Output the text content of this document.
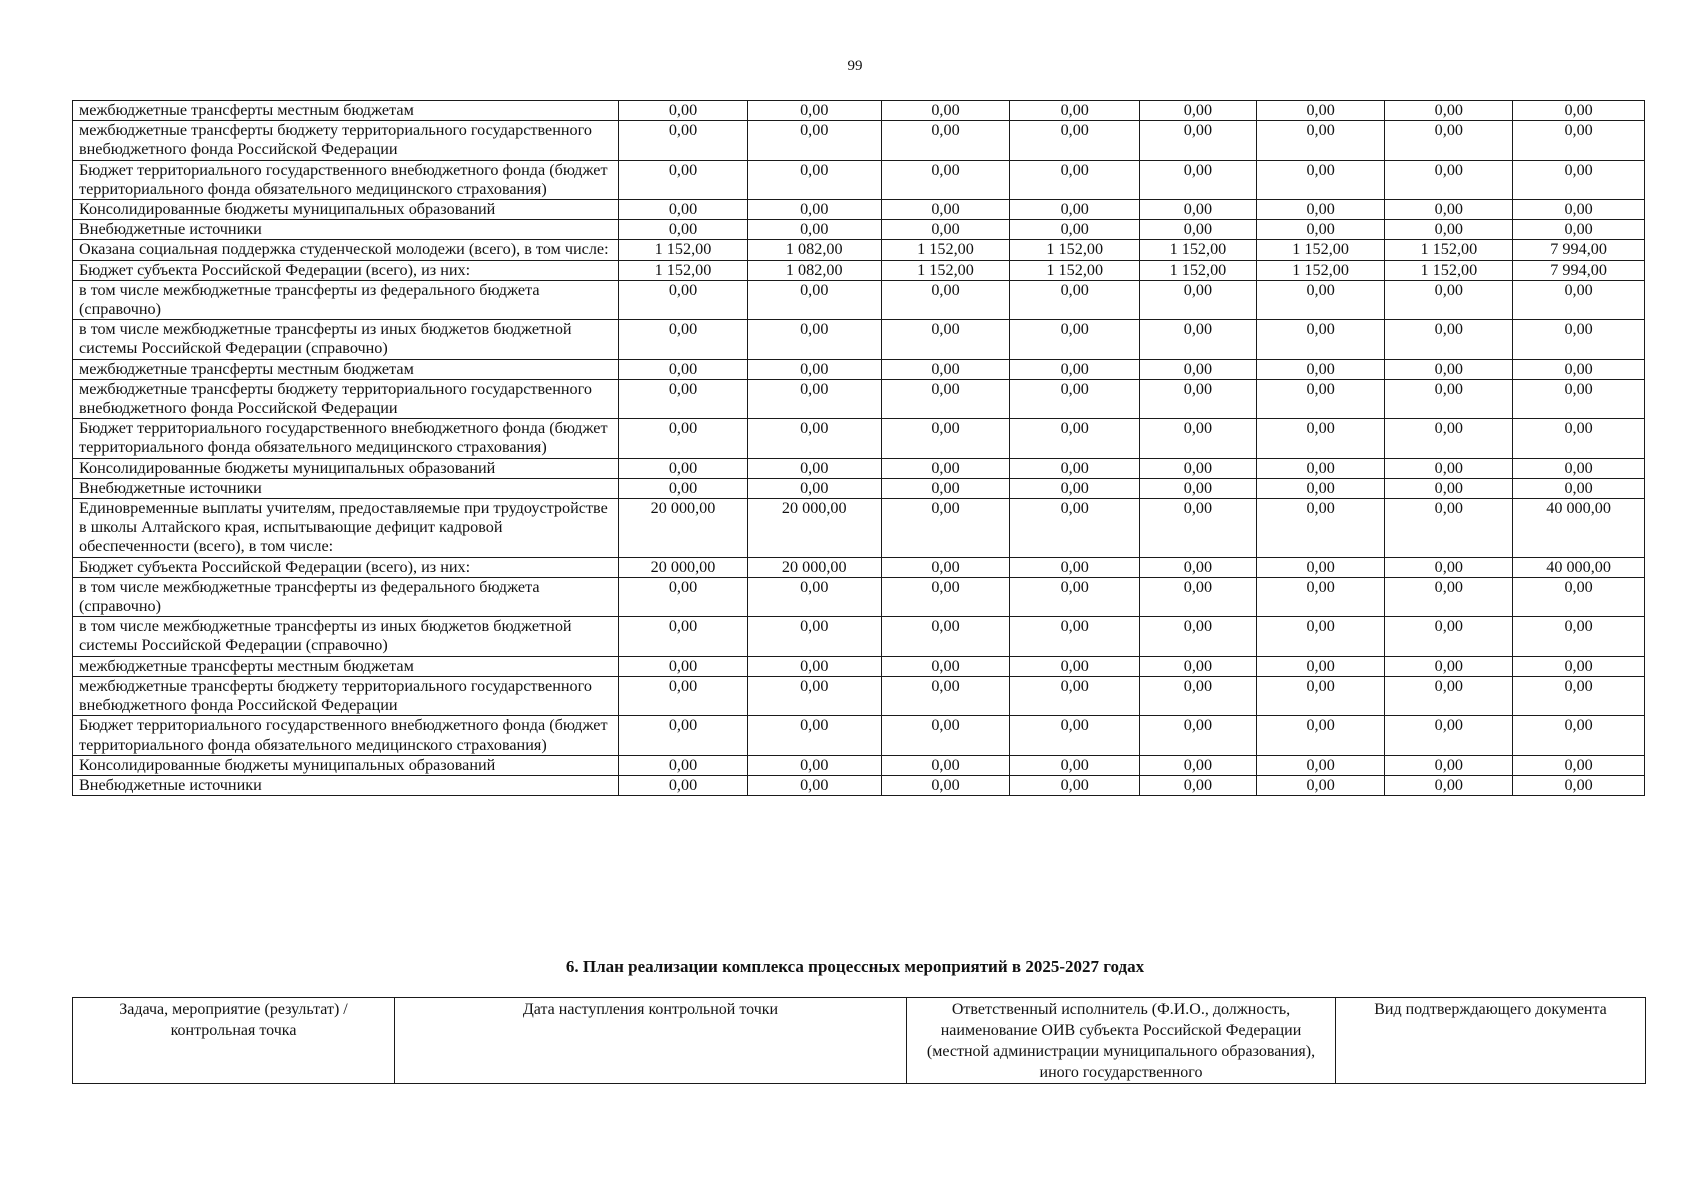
99
межбюджетные трансферты местным бюджетам	0,00	0,00	0,00	0,00	0,00	0,00	0,00	0,00
межбюджетные трансферты бюджету территориального государственного внебюджетного фонда Российской Федерации	0,00	0,00	0,00	0,00	0,00	0,00	0,00	0,00
Бюджет территориального государственного внебюджетного фонда (бюджет территориального фонда обязательного медицинского страхования)	0,00	0,00	0,00	0,00	0,00	0,00	0,00	0,00
Консолидированные бюджеты муниципальных образований	0,00	0,00	0,00	0,00	0,00	0,00	0,00	0,00
Внебюджетные источники	0,00	0,00	0,00	0,00	0,00	0,00	0,00	0,00
Оказана социальная поддержка студенческой молодежи (всего), в том числе:	1 152,00	1 082,00	1 152,00	1 152,00	1 152,00	1 152,00	1 152,00	7 994,00
Бюджет субъекта Российской Федерации (всего), из них:	1 152,00	1 082,00	1 152,00	1 152,00	1 152,00	1 152,00	1 152,00	7 994,00
в том числе межбюджетные трансферты из федерального бюджета (справочно)	0,00	0,00	0,00	0,00	0,00	0,00	0,00	0,00
в том числе межбюджетные трансферты из иных бюджетов бюджетной системы Российской Федерации (справочно)	0,00	0,00	0,00	0,00	0,00	0,00	0,00	0,00
межбюджетные трансферты местным бюджетам	0,00	0,00	0,00	0,00	0,00	0,00	0,00	0,00
межбюджетные трансферты бюджету территориального государственного внебюджетного фонда Российской Федерации	0,00	0,00	0,00	0,00	0,00	0,00	0,00	0,00
Бюджет территориального государственного внебюджетного фонда (бюджет территориального фонда обязательного медицинского страхования)	0,00	0,00	0,00	0,00	0,00	0,00	0,00	0,00
Консолидированные бюджеты муниципальных образований	0,00	0,00	0,00	0,00	0,00	0,00	0,00	0,00
Внебюджетные источники	0,00	0,00	0,00	0,00	0,00	0,00	0,00	0,00
Единовременные выплаты учителям, предоставляемые при трудоустройстве в школы Алтайского края, испытывающие дефицит кадровой обеспеченности (всего), в том числе:	20 000,00	20 000,00	0,00	0,00	0,00	0,00	0,00	40 000,00
Бюджет субъекта Российской Федерации (всего), из них:	20 000,00	20 000,00	0,00	0,00	0,00	0,00	0,00	40 000,00
в том числе межбюджетные трансферты из федерального бюджета (справочно)	0,00	0,00	0,00	0,00	0,00	0,00	0,00	0,00
в том числе межбюджетные трансферты из иных бюджетов бюджетной системы Российской Федерации (справочно)	0,00	0,00	0,00	0,00	0,00	0,00	0,00	0,00
межбюджетные трансферты местным бюджетам	0,00	0,00	0,00	0,00	0,00	0,00	0,00	0,00
межбюджетные трансферты бюджету территориального государственного внебюджетного фонда Российской Федерации	0,00	0,00	0,00	0,00	0,00	0,00	0,00	0,00
Бюджет территориального государственного внебюджетного фонда (бюджет территориального фонда обязательного медицинского страхования)	0,00	0,00	0,00	0,00	0,00	0,00	0,00	0,00
Консолидированные бюджеты муниципальных образований	0,00	0,00	0,00	0,00	0,00	0,00	0,00	0,00
Внебюджетные источники	0,00	0,00	0,00	0,00	0,00	0,00	0,00	0,00
6. План реализации комплекса процессных мероприятий в 2025-2027 годах
Задача, мероприятие (результат) / контрольная точка	Дата наступления контрольной точки	Ответственный исполнитель (Ф.И.О., должность, наименование ОИВ субъекта Российской Федерации (местной администрации муниципального образования), иного государственного	Вид подтверждающего документа
